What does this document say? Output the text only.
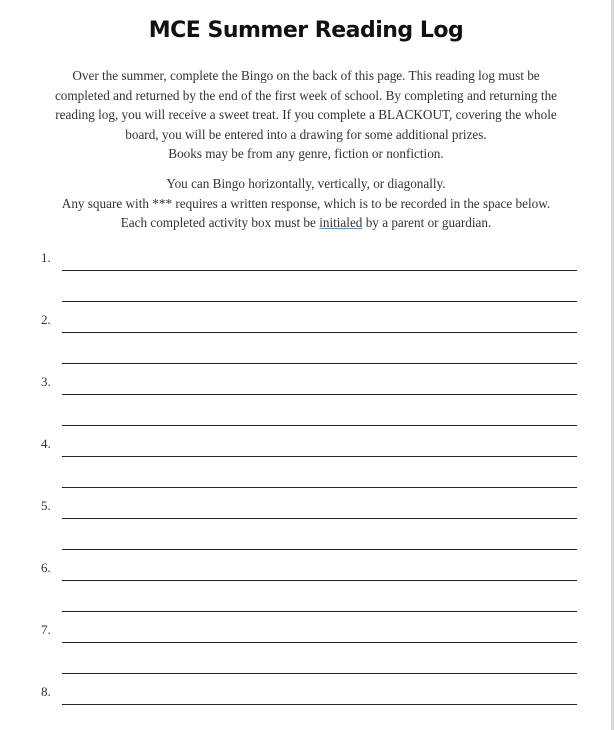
MCE Summer Reading Log

Over the summer, complete the Bingo on the back of this page. This reading log must be

completed and returned by the end of the first week of school. By completing and returning the

reading log, you will receive a sweet treat. If you complete a BLACKOUT, covering the whole

board, you will be entered into a drawing for some additional prizes.

Books may be from any genre, fiction or nonfiction.

You can Bingo horizontally, vertically, or diagonally.

Any square with *** requires a written response, which is to be recorded in the space below.

Each completed activity box must be initialed by a parent or guardian.

1.
2.
3.
4.
5.
6.
7.
8.
